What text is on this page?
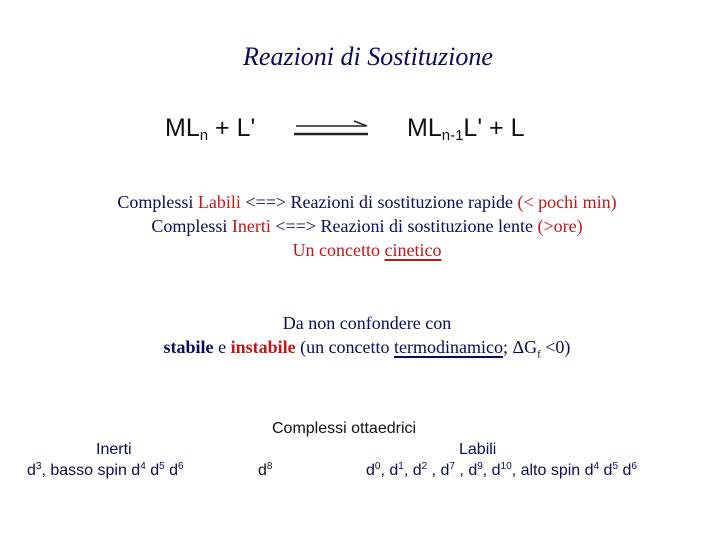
Reazioni di Sostituzione
$ML_n + L'$	$ML_{n-1}L' + L$
Complessi Labili <==> Reazioni di sostituzione rapide (< pochi min)
Complessi Inerti <==> Reazioni di sostituzione lente (>ore)
Un concetto cinetico
Da non confondere con
stabile e instabile (un concetto termodinamico; $\Delta G_f <0$)
Complessi ottaedrici
Inerti
$d^3$, basso spin $d^4$ $d^5$ $d^6$	$d^8$
Labili
$d^0$, $d^1$, $d^2$ , $d^7$ , $d^9$, $d^{10}$, alto spin $d^4$ $d^5$ $d^6$
